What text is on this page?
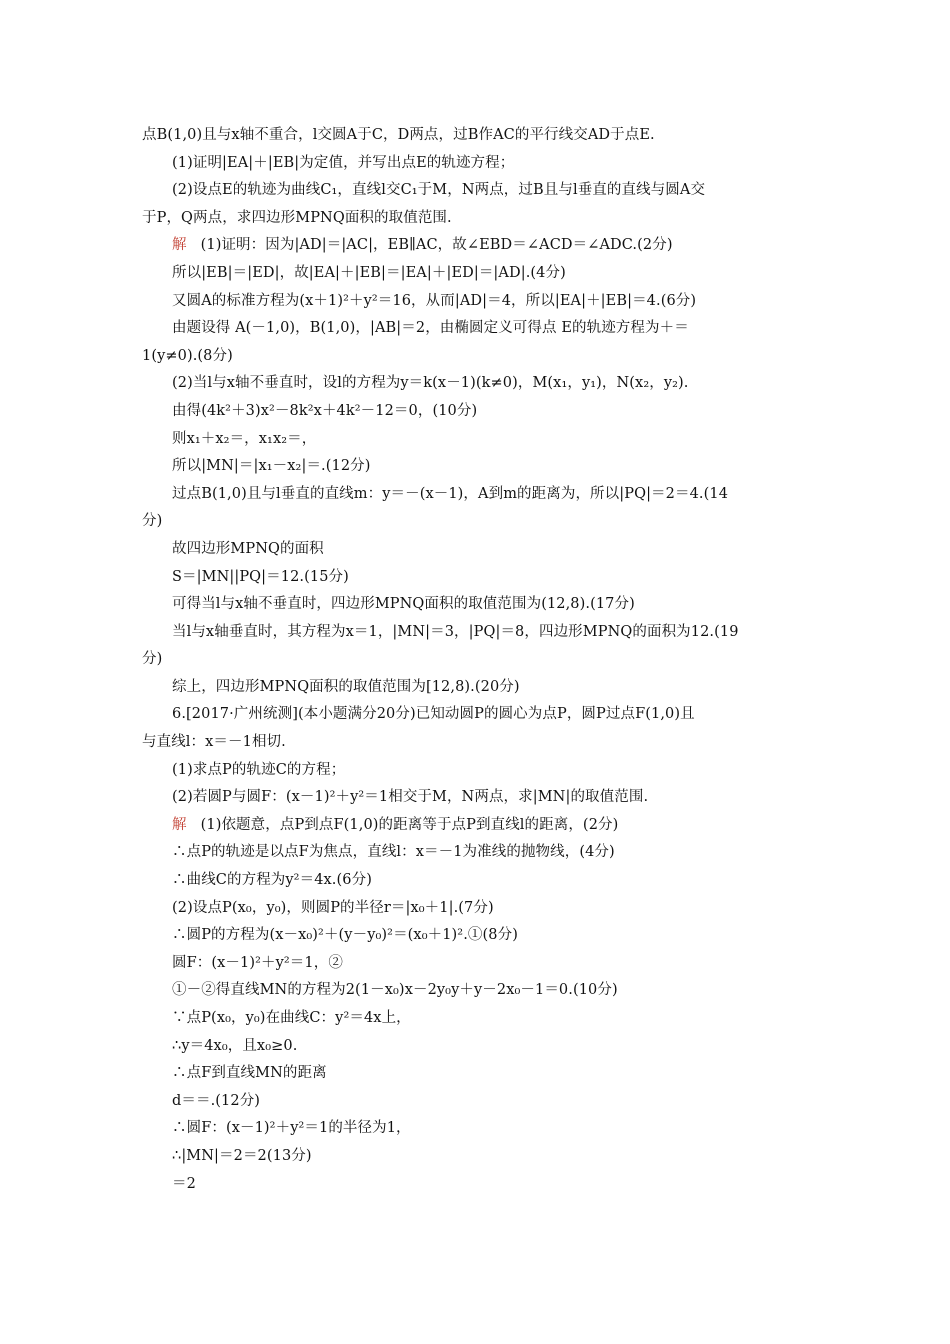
点B(1,0)且与x轴不重合，l交圆A于C，D两点，过B作AC的平行线交AD于点E.
(1)证明|EA|＋|EB|为定值，并写出点E的轨迹方程；
(2)设点E的轨迹为曲线C₁，直线l交C₁于M，N两点，过B且与l垂直的直线与圆A交
于P，Q两点，求四边形MPNQ面积的取值范围.
解 (1)证明：因为|AD|＝|AC|，EB∥AC，故∠EBD＝∠ACD＝∠ADC.(2分)
所以|EB|＝|ED|，故|EA|＋|EB|＝|EA|＋|ED|＝|AD|.(4分)
又圆A的标准方程为(x＋1)²＋y²＝16，从而|AD|＝4，所以|EA|＋|EB|＝4.(6分)
由题设得 A(－1,0)，B(1,0)，|AB|＝2，由椭圆定义可得点 E的轨迹方程为＋＝
1(y≠0).(8分)
(2)当l与x轴不垂直时，设l的方程为y＝k(x－1)(k≠0)，M(x₁，y₁)，N(x₂，y₂).
由得(4k²＋3)x²－8k²x＋4k²－12＝0，(10分)
则x₁＋x₂＝，x₁x₂＝，
所以|MN|＝|x₁－x₂|＝.(12分)
过点B(1,0)且与l垂直的直线m：y＝－(x－1)，A到m的距离为，所以|PQ|＝2＝4.(14
分)
故四边形MPNQ的面积
S＝|MN||PQ|＝12.(15分)
可得当l与x轴不垂直时，四边形MPNQ面积的取值范围为(12,8).(17分)
当l与x轴垂直时，其方程为x＝1，|MN|＝3，|PQ|＝8，四边形MPNQ的面积为12.(19
分)
综上，四边形MPNQ面积的取值范围为[12,8).(20分)
6.[2017·广州统测](本小题满分20分)已知动圆P的圆心为点P，圆P过点F(1,0)且
与直线l：x＝－1相切.
(1)求点P的轨迹C的方程；
(2)若圆P与圆F：(x－1)²＋y²＝1相交于M，N两点，求|MN|的取值范围.
解 (1)依题意，点P到点F(1,0)的距离等于点P到直线l的距离，(2分)
∴点P的轨迹是以点F为焦点，直线l：x＝－1为准线的抛物线，(4分)
∴曲线C的方程为y²＝4x.(6分)
(2)设点P(x₀，y₀)，则圆P的半径r＝|x₀＋1|.(7分)
∴圆P的方程为(x－x₀)²＋(y－y₀)²＝(x₀＋1)².①(8分)
圆F：(x－1)²＋y²＝1，②
①－②得直线MN的方程为2(1－x₀)x－2y₀y＋y－2x₀－1＝0.(10分)
∵点P(x₀，y₀)在曲线C：y²＝4x上，
∴y＝4x₀，且x₀≥0.
∴点F到直线MN的距离
d＝＝.(12分)
∴圆F：(x－1)²＋y²＝1的半径为1，
∴|MN|＝2＝2(13分)
＝2
